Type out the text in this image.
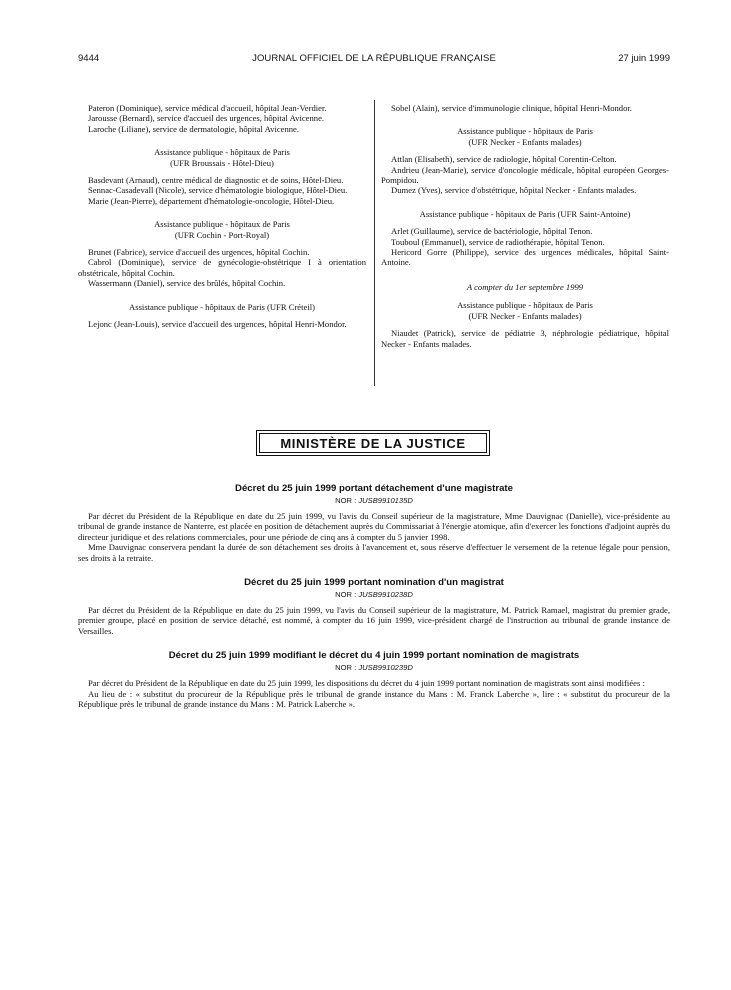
9444	JOURNAL OFFICIEL DE LA RÉPUBLIQUE FRANÇAISE	27 juin 1999

Pateron (Dominique), service médical d'accueil, hôpital Jean-Verdier.

Jarousse (Bernard), service d'accueil des urgences, hôpital Avicenne.

Laroche (Liliane), service de dermatologie, hôpital Avicenne.

Assistance publique - hôpitaux de Paris
(UFR Broussais - Hôtel-Dieu)

Basdevant (Arnaud), centre médical de diagnostic et de soins, Hôtel-Dieu.

Sennac-Casadevall (Nicole), service d'hématologie biologique, Hôtel-Dieu.

Marie (Jean-Pierre), département d'hématologie-oncologie, Hôtel-Dieu.

Assistance publique - hôpitaux de Paris
(UFR Cochin - Port-Royal)

Brunet (Fabrice), service d'accueil des urgences, hôpital Cochin.

Cabrol (Dominique), service de gynécologie-obstétrique I à orientation obstétricale, hôpital Cochin.

Wassermann (Daniel), service des brûlés, hôpital Cochin.

Assistance publique - hôpitaux de Paris (UFR Créteil)

Lejonc (Jean-Louis), service d'accueil des urgences, hôpital Henri-Mondor.

Sobel (Alain), service d'immunologie clinique, hôpital Henri-Mondor.

Assistance publique - hôpitaux de Paris
(UFR Necker - Enfants malades)

Attlan (Elisabeth), service de radiologie, hôpital Corentin-Celton.

Andrieu (Jean-Marie), service d'oncologie médicale, hôpital européen Georges-Pompidou.

Dumez (Yves), service d'obstétrique, hôpital Necker - Enfants malades.

Assistance publique - hôpitaux de Paris (UFR Saint-Antoine)

Arlet (Guillaume), service de bactériologie, hôpital Tenon.

Touboul (Emmanuel), service de radiothérapie, hôpital Tenon.

Hericord Gorre (Philippe), service des urgences médicales, hôpital Saint-Antoine.

A compter du 1er septembre 1999
Assistance publique - hôpitaux de Paris
(UFR Necker - Enfants malades)

Niaudet (Patrick), service de pédiatrie 3, néphrologie pédiatrique, hôpital Necker - Enfants malades.

MINISTÈRE DE LA JUSTICE
Décret du 25 juin 1999 portant détachement d'une magistrate
NOR : JUSB9910135D

Par décret du Président de la République en date du 25 juin 1999, vu l'avis du Conseil supérieur de la magistrature, Mme Dauvignac (Danielle), vice-présidente au tribunal de grande instance de Nanterre, est placée en position de détachement auprès du Commissariat à l'énergie atomique, afin d'exercer les fonctions d'adjoint auprès du directeur juridique et des relations commerciales, pour une période de cinq ans à compter du 5 janvier 1998.

Mme Dauvignac conservera pendant la durée de son détachement ses droits à l'avancement et, sous réserve d'effectuer le versement de la retenue légale pour pension, ses droits à la retraite.

Décret du 25 juin 1999 portant nomination d'un magistrat
NOR : JUSB9910238D

Par décret du Président de la République en date du 25 juin 1999, vu l'avis du Conseil supérieur de la magistrature, M. Patrick Ramael, magistrat du premier grade, premier groupe, placé en position de service détaché, est nommé, à compter du 16 juin 1999, vice-président chargé de l'instruction au tribunal de grande instance de Versailles.

Décret du 25 juin 1999 modifiant le décret du 4 juin 1999 portant nomination de magistrats
NOR : JUSB9910239D

Par décret du Président de la République en date du 25 juin 1999, les dispositions du décret du 4 juin 1999 portant nomination de magistrats sont ainsi modifiées :

Au lieu de : « substitut du procureur de la République près le tribunal de grande instance du Mans : M. Franck Laberche », lire : « substitut du procureur de la République près le tribunal de grande instance du Mans : M. Patrick Laberche ».
